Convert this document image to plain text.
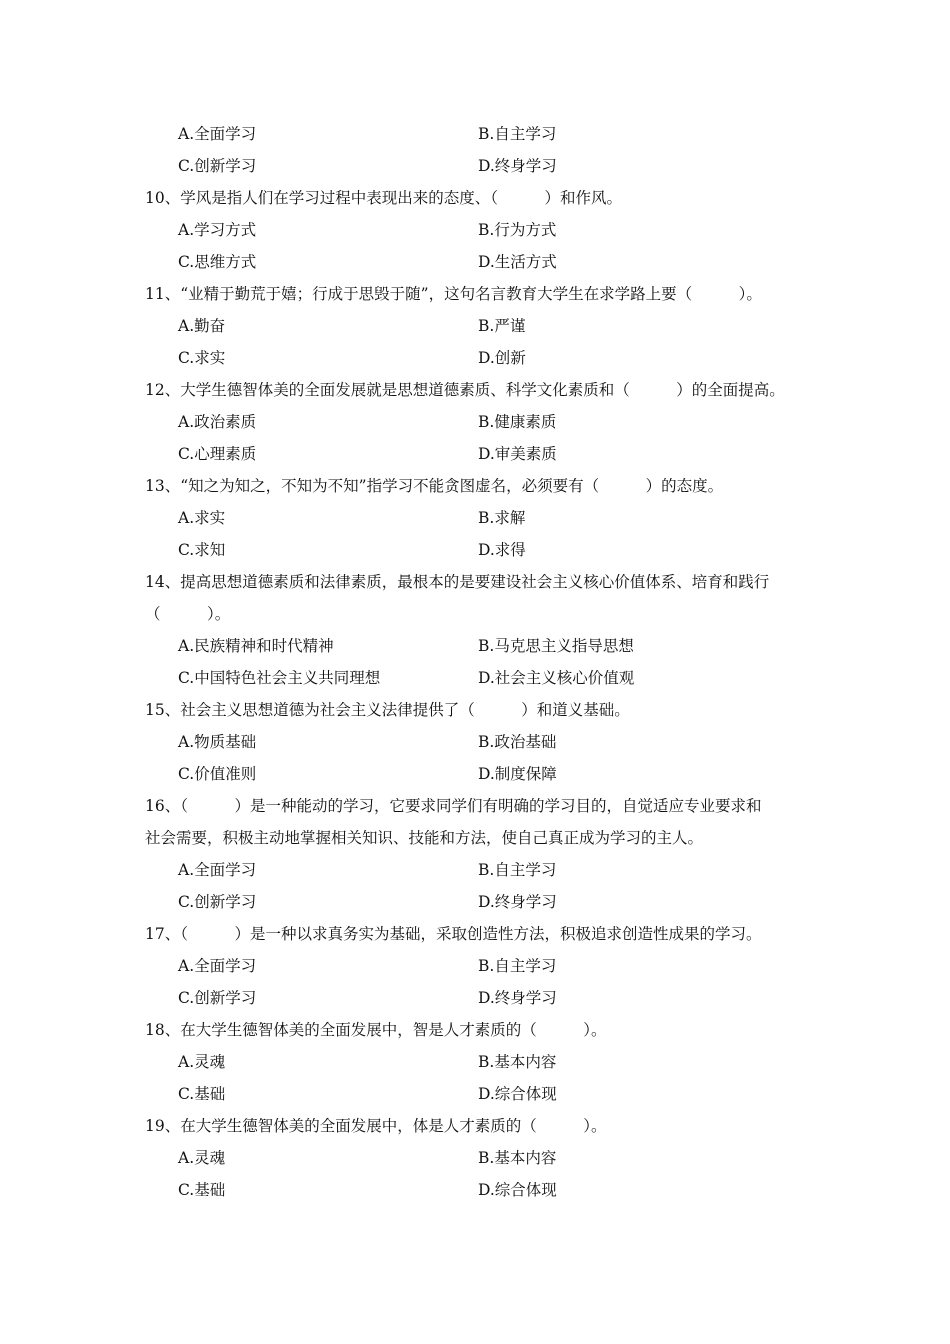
A.全面学习	B.自主学习
C.创新学习	D.终身学习
10、学风是指人们在学习过程中表现出来的态度、（　　　）和作风。
A.学习方式	B.行为方式
C.思维方式	D.生活方式
11、“业精于勤荒于嬉；行成于思毁于随”，这句名言教育大学生在求学路上要（　　　）。
A.勤奋	B.严谨
C.求实	D.创新
12、大学生德智体美的全面发展就是思想道德素质、科学文化素质和（　　　）的全面提高。
A.政治素质	B.健康素质
C.心理素质	D.审美素质
13、“知之为知之，不知为不知”指学习不能贪图虚名，必须要有（　　　）的态度。
A.求实	B.求解
C.求知	D.求得
14、提高思想道德素质和法律素质，最根本的是要建设社会主义核心价值体系、培育和践行
（　　　）。
A.民族精神和时代精神	B.马克思主义指导思想
C.中国特色社会主义共同理想	D.社会主义核心价值观
15、社会主义思想道德为社会主义法律提供了（　　　）和道义基础。
A.物质基础	B.政治基础
C.价值准则	D.制度保障
16、（　　　）是一种能动的学习，它要求同学们有明确的学习目的，自觉适应专业要求和
社会需要，积极主动地掌握相关知识、技能和方法，使自己真正成为学习的主人。
A.全面学习	B.自主学习
C.创新学习	D.终身学习
17、（　　　）是一种以求真务实为基础，采取创造性方法，积极追求创造性成果的学习。
A.全面学习	B.自主学习
C.创新学习	D.终身学习
18、在大学生德智体美的全面发展中，智是人才素质的（　　　）。
A.灵魂	B.基本内容
C.基础	D.综合体现
19、在大学生德智体美的全面发展中，体是人才素质的（　　　）。
A.灵魂	B.基本内容
C.基础	D.综合体现
